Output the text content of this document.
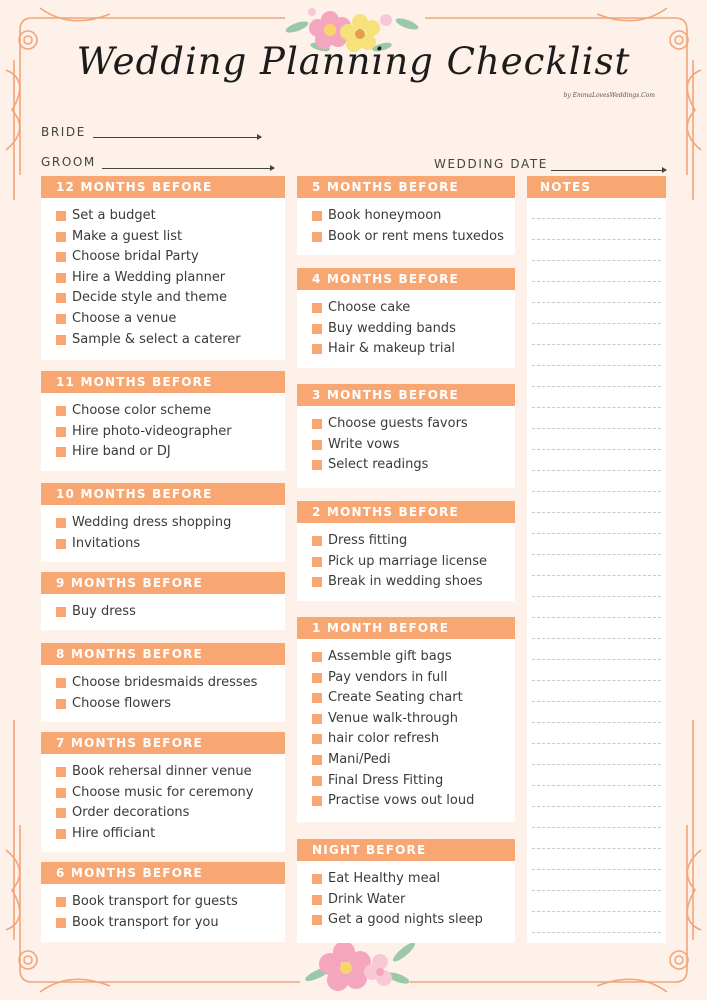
Wedding Planning Checklist
by EmmaLovesWeddings.Com
BRIDE
GROOM	WEDDING DATE
12 MONTHS BEFORE
Set a budget
Make a guest list
Choose bridal Party
Hire a Wedding planner
Decide style and theme
Choose a venue
Sample & select a caterer
11 MONTHS BEFORE
Choose color scheme
Hire photo-videographer
Hire band or DJ
10 MONTHS BEFORE
Wedding dress shopping
Invitations
9 MONTHS BEFORE
Buy dress
8 MONTHS BEFORE
Choose bridesmaids dresses
Choose flowers
7 MONTHS BEFORE
Book rehersal dinner venue
Choose music for ceremony
Order decorations
Hire officiant
6 MONTHS BEFORE
Book transport for guests
Book transport for you
5 MONTHS BEFORE
Book honeymoon
Book or rent mens tuxedos
4 MONTHS BEFORE
Choose cake
Buy wedding bands
Hair & makeup trial
3 MONTHS BEFORE
Choose guests favors
Write vows
Select readings
2 MONTHS BEFORE
Dress fitting
Pick up marriage license
Break in wedding shoes
1 MONTH BEFORE
Assemble gift bags
Pay vendors in full
Create Seating chart
Venue walk-through
hair color refresh
Mani/Pedi
Final Dress Fitting
Practise vows out loud
NIGHT BEFORE
Eat Healthy meal
Drink Water
Get a good nights sleep
NOTES
